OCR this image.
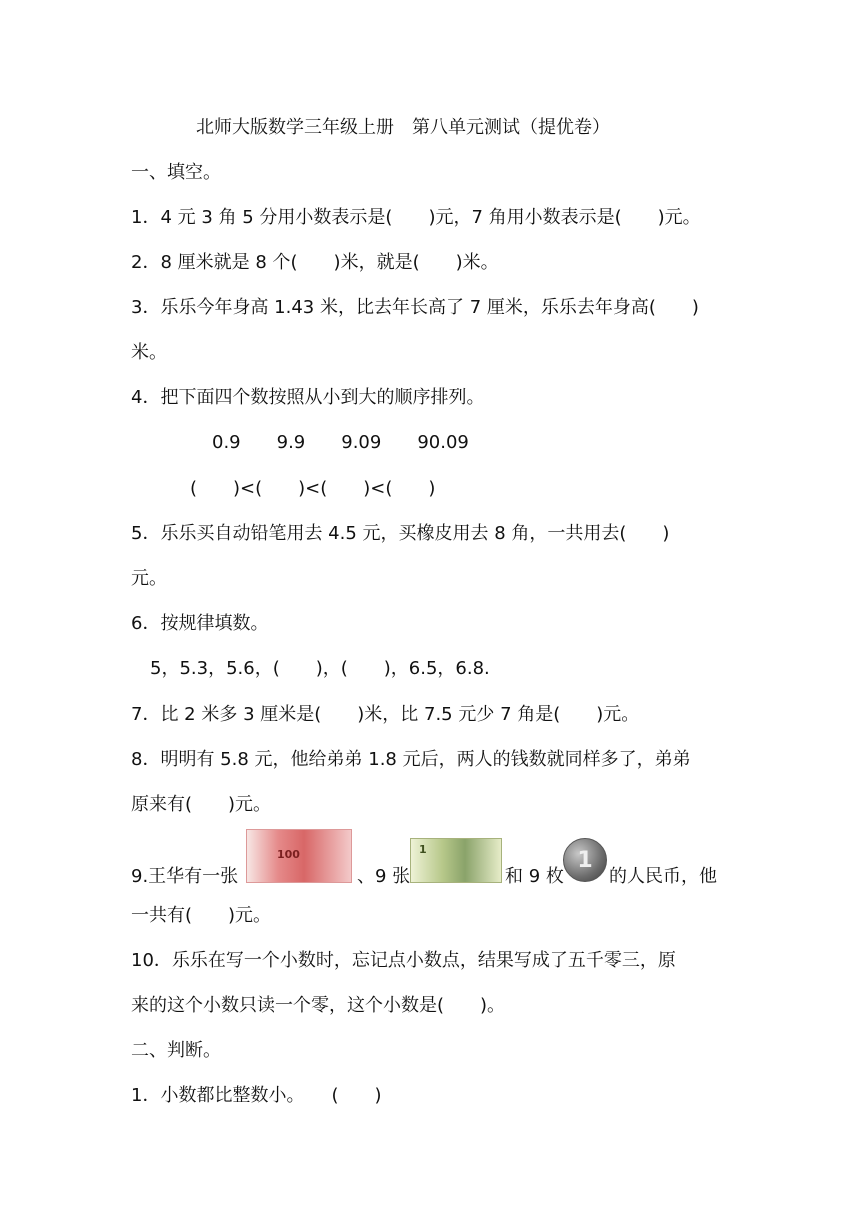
北师大版数学三年级上册　第八单元测试（提优卷）
一、填空。
1．4 元 3 角 5 分用小数表示是(　　)元，7 角用小数表示是(　　)元。
2．8 厘米就是 8 个(　　)米，就是(　　)米。
3．乐乐今年身高 1.43 米，比去年长高了 7 厘米，乐乐去年身高(　　)
米。
4．把下面四个数按照从小到大的顺序排列。
0.9　　9.9　　9.09　　90.09
(　　)<(　　)<(　　)<(　　)
5．乐乐买自动铅笔用去 4.5 元，买橡皮用去 8 角，一共用去(　　)
元。
6．按规律填数。
5，5.3，5.6，(　　)，(　　)，6.5，6.8.
7．比 2 米多 3 厘米是(　　)米，比 7.5 元少 7 角是(　　)元。
8．明明有 5.8 元，他给弟弟 1.8 元后，两人的钱数就同样多了，弟弟
原来有(　　)元。
9.王华有一张
100
、9 张
1
和 9 枚
1
的人民币，他
一共有(　　)元。
10．乐乐在写一个小数时，忘记点小数点，结果写成了五千零三，原
来的这个小数只读一个零，这个小数是(　　)。
二、判断。
1．小数都比整数小。　　(　　)
